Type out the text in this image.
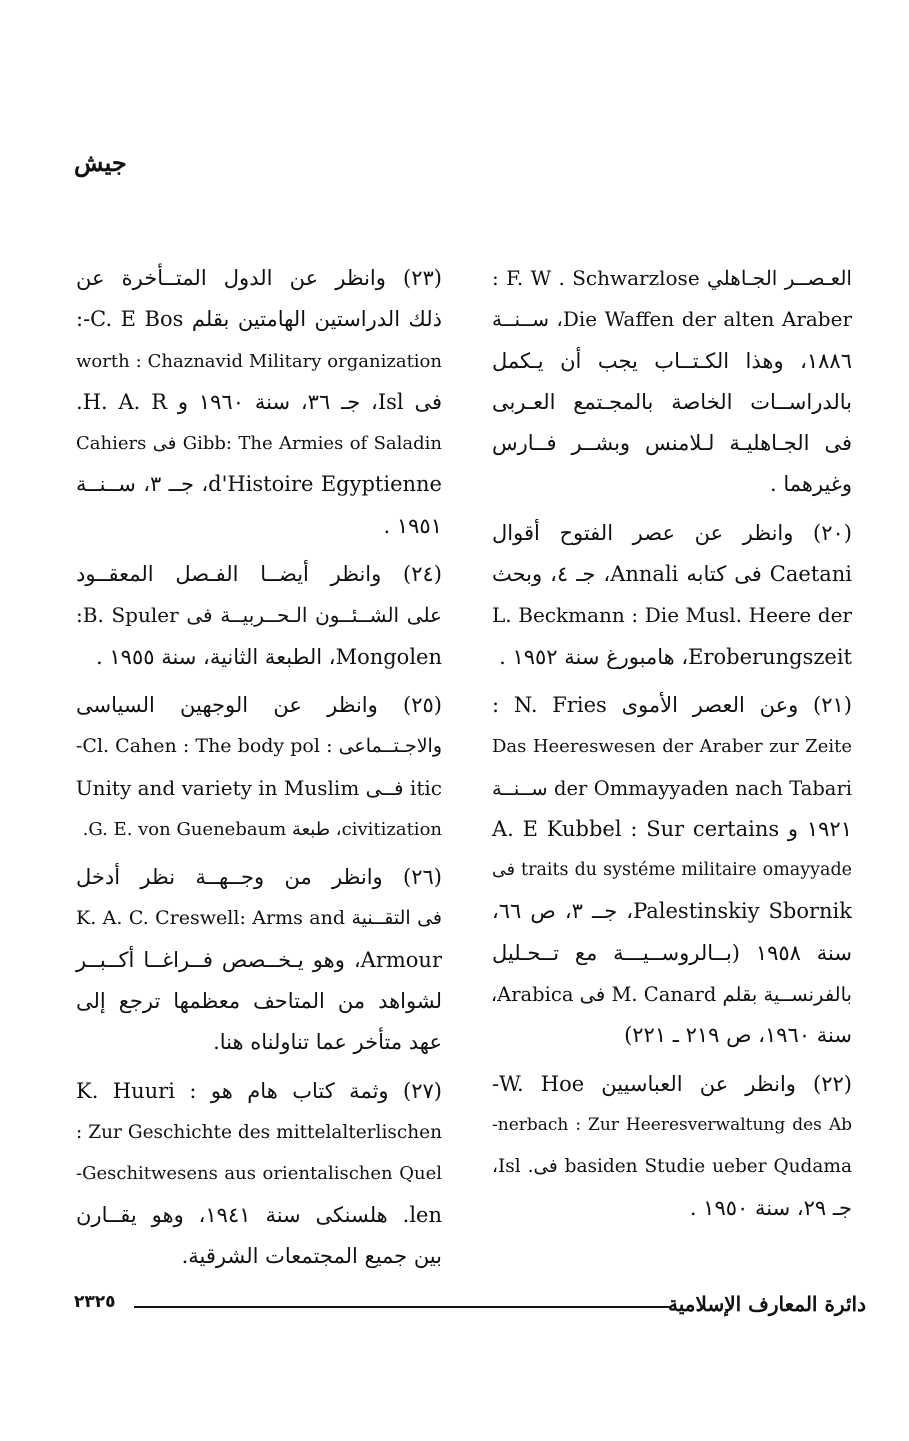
جيش
العـصــر الجـاهلي F. W . Schwarzlose :
Die Waffen der alten Araber، ســنــة
١٨٨٦، وهذا الكـتــاب يجب أن يـكمل
بالدراســات الخاصة بالمجـتمع العـربى
فى الجـاهليـة لـلامنس وبشــر فــارس
وغيرهما .
(٢٠) وانظر عن عصر الفتوح أقوال
Caetani فى كتابه Annali، جـ ٤، وبحث
L. Beckmann : Die Musl. Heere der
Eroberungszeit، هامبورغ سنة ١٩٥٢ .
(٢١) وعن العصر الأموى N. Fries :
Das Heereswesen der Araber zur Zeite
der Ommayyaden nach Tabari ســنــة
١٩٢١ و A. E Kubbel : Sur certains
traits du systéme militaire omayyade فى
Palestinskiy Sbornik، جــ ٣، ص ٦٦،
سنة ١٩٥٨ (بــالروســيـــة مع تــحـليل
بالفرنســية بقلم M. Canard فى Arabica،
سنة ١٩٦٠، ص ٢١٩ ـ ٢٢١)
(٢٢) وانظر عن العباسيين W. Hoe-
nerbach : Zur Heeresverwaltung des Ab-
basiden Studie ueber Qudama فى. Isl،
جـ ٢٩، سنة ١٩٥٠ .
(٢٣) وانظر عن الدول المتــأخرة عن
ذلك الدراستين الهامتين بقلم C. E Bos-:
worth : Chaznavid Military organization
فى Isl، جـ ٣٦، سنة ١٩٦٠ و H. A. R.
Gibb: The Armies of Saladin فى Cahiers
d'Histoire Egyptienne، جــ ٣، ســنــة
١٩٥١ .
(٢٤) وانظر أيضــا الفـصل المعقــود
على الشــئــون الـحــربيــة فى B. Spuler:
Mongolen، الطبعة الثانية، سنة ١٩٥٥ .
(٢٥) وانظر عن الوجهين السياسى
والاجـتــماعى : Cl. Cahen : The body pol-
itic فــى Unity and variety in Muslim
civitization، طبعة G. E. von Guenebaum.
(٢٦) وانظر من وجــهــة نظر أدخل
فى التقــنية K. A. C. Creswell: Arms and
Armour، وهو يـخــصص فــراغــا أكــبــر
لشواهد من المتاحف معظمها ترجع إلى
عهد متأخر عما تناولناه هنا.
(٢٧) وثمة كتاب هام هو : K. Huuri
Zur Geschichte des mittelalterlischen :
Geschitwesens aus orientalischen Quel-
len. هلسنكى سنة ١٩٤١، وهو يقــارن
بين جميع المجتمعات الشرقية.
٢٣٢٥	دائرة المعارف الإسلامية
